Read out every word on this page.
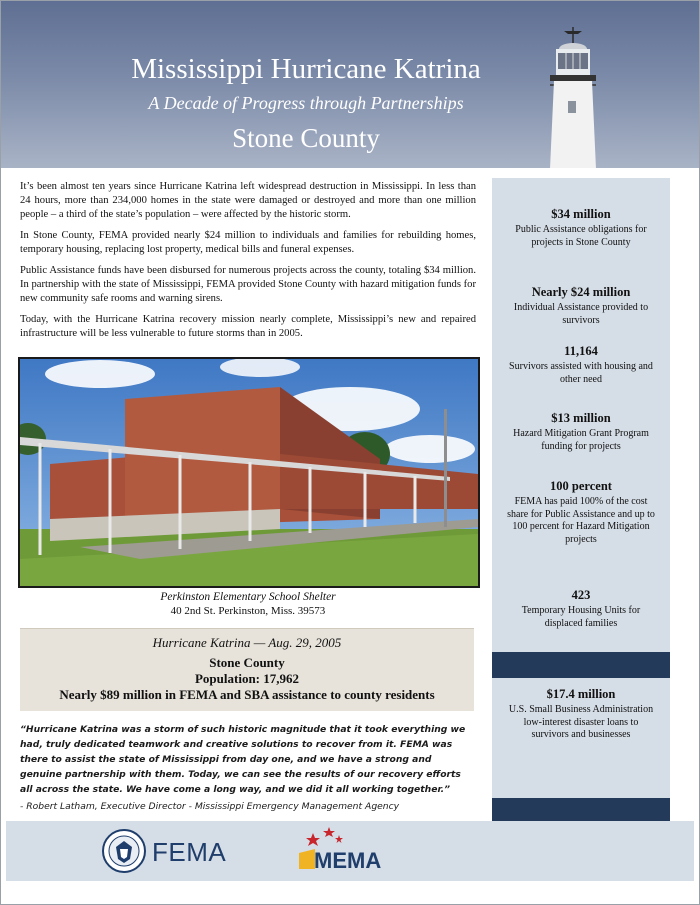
Mississippi Hurricane Katrina
A Decade of Progress through Partnerships
Stone County

It’s been almost ten years since Hurricane Katrina left widespread destruction in Mississippi. In less than 24 hours, more than 234,000 homes in the state were damaged or destroyed and more than one million people – a third of the state’s population – were affected by the historic storm.

In Stone County, FEMA provided nearly $24 million to individuals and families for rebuilding homes, temporary housing, replacing lost property, medical bills and funeral expenses.

Public Assistance funds have been disbursed for numerous projects across the county, totaling $34 million. In partnership with the state of Mississippi, FEMA provided Stone County with hazard mitigation funds for new community safe rooms and warning sirens.

Today, with the Hurricane Katrina recovery mission nearly complete, Mississippi’s new and repaired infrastructure will be less vulnerable to future storms than in 2005.

Perkinston Elementary School Shelter
40 2nd St. Perkinston, Miss. 39573
Hurricane Katrina — Aug. 29, 2005
Stone County
Population: 17,962
Nearly $89 million in FEMA and SBA assistance to county residents
“Hurricane Katrina was a storm of such historic magnitude that it took everything we had, truly dedicated teamwork and creative solutions to recover from it. FEMA was there to assist the state of Mississippi from day one, and we have a strong and genuine partnership with them. Today, we can see the results of our recovery efforts all across the state. We have come a long way, and we did it all working together.”
- Robert Latham, Executive Director - Mississippi Emergency Management Agency
$34 million
Public Assistance obligations for projects in Stone County
Nearly $24 million
Individual Assistance provided to survivors
11,164
Survivors assisted with housing and other need
$13 million
Hazard Mitigation Grant Program funding for projects
100 percent
FEMA has paid 100% of the cost share for Public Assistance and up to 100 percent for Hazard Mitigation projects
423
Temporary Housing Units for displaced families
$17.4 million
U.S. Small Business Administration low-interest disaster loans to survivors and businesses
FEMA	MEMA
